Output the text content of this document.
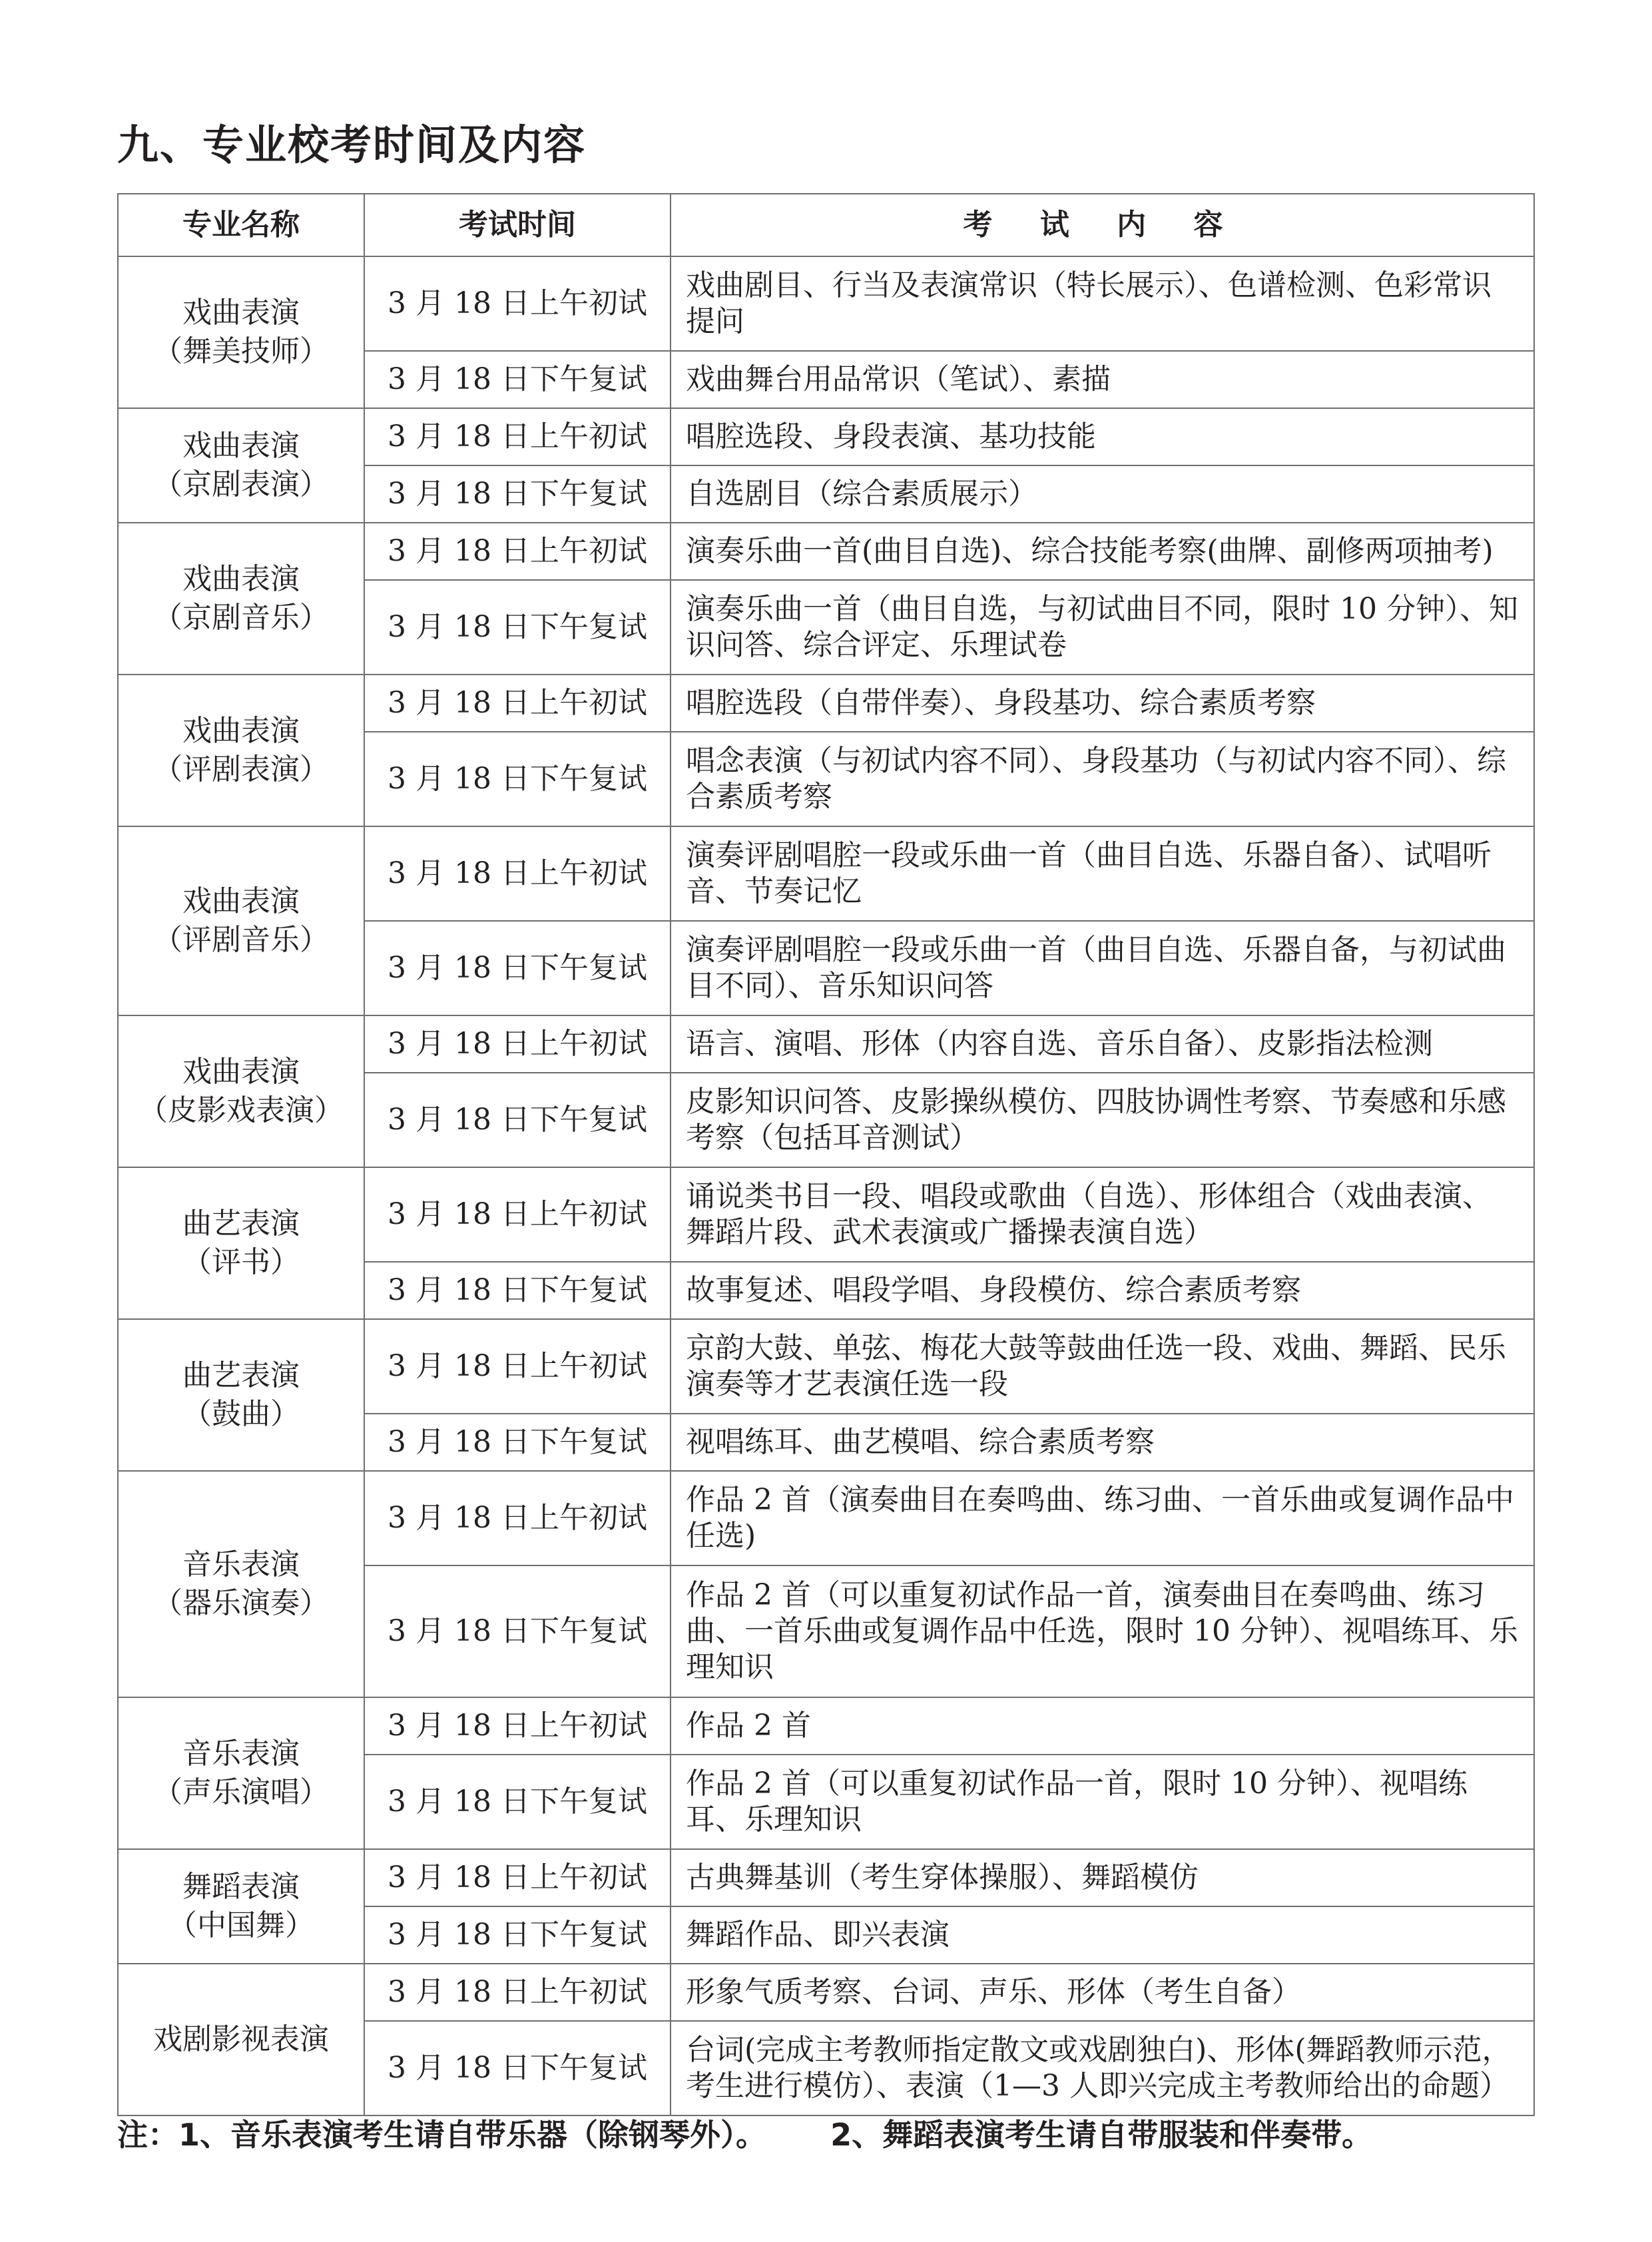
九、专业校考时间及内容
专业名称	考试时间	考 试 内 容

戏曲表演
（舞美技师）	3 月 18 日上午初试	戏曲剧目、行当及表演常识（特长展示）、色谱检测、色彩常识提问
	3 月 18 日下午复试	戏曲舞台用品常识（笔试）、素描

戏曲表演
（京剧表演）	3 月 18 日上午初试	唱腔选段、身段表演、基功技能
	3 月 18 日下午复试	自选剧目（综合素质展示）

戏曲表演
（京剧音乐）	3 月 18 日上午初试	演奏乐曲一首(曲目自选)、综合技能考察(曲牌、副修两项抽考)
	3 月 18 日下午复试	演奏乐曲一首（曲目自选，与初试曲目不同，限时 10 分钟）、知识问答、综合评定、乐理试卷

戏曲表演
（评剧表演）	3 月 18 日上午初试	唱腔选段（自带伴奏）、身段基功、综合素质考察
	3 月 18 日下午复试	唱念表演（与初试内容不同）、身段基功（与初试内容不同）、综合素质考察

戏曲表演
（评剧音乐）	3 月 18 日上午初试	演奏评剧唱腔一段或乐曲一首（曲目自选、乐器自备）、试唱听音、节奏记忆
	3 月 18 日下午复试	演奏评剧唱腔一段或乐曲一首（曲目自选、乐器自备，与初试曲目不同）、音乐知识问答

戏曲表演
（皮影戏表演）	3 月 18 日上午初试	语言、演唱、形体（内容自选、音乐自备）、皮影指法检测
	3 月 18 日下午复试	皮影知识问答、皮影操纵模仿、四肢协调性考察、节奏感和乐感考察（包括耳音测试）

曲艺表演
（评书）	3 月 18 日上午初试	诵说类书目一段、唱段或歌曲（自选）、形体组合（戏曲表演、舞蹈片段、武术表演或广播操表演自选）
	3 月 18 日下午复试	故事复述、唱段学唱、身段模仿、综合素质考察

曲艺表演
（鼓曲）	3 月 18 日上午初试	京韵大鼓、单弦、梅花大鼓等鼓曲任选一段、戏曲、舞蹈、民乐演奏等才艺表演任选一段
	3 月 18 日下午复试	视唱练耳、曲艺模唱、综合素质考察

音乐表演
（器乐演奏）	3 月 18 日上午初试	作品 2 首（演奏曲目在奏鸣曲、练习曲、一首乐曲或复调作品中任选)
	3 月 18 日下午复试	作品 2 首（可以重复初试作品一首，演奏曲目在奏鸣曲、练习曲、一首乐曲或复调作品中任选，限时 10 分钟）、视唱练耳、乐理知识

音乐表演
（声乐演唱）	3 月 18 日上午初试	作品 2 首
	3 月 18 日下午复试	作品 2 首（可以重复初试作品一首，限时 10 分钟）、视唱练耳、乐理知识

舞蹈表演
（中国舞）	3 月 18 日上午初试	古典舞基训（考生穿体操服）、舞蹈模仿
	3 月 18 日下午复试	舞蹈作品、即兴表演

戏剧影视表演	3 月 18 日上午初试	形象气质考察、台词、声乐、形体（考生自备）
	3 月 18 日下午复试	台词(完成主考教师指定散文或戏剧独白)、形体(舞蹈教师示范，考生进行模仿）、表演（1—3 人即兴完成主考教师给出的命题）
注：1、音乐表演考生请自带乐器（除钢琴外）。 2、舞蹈表演考生请自带服装和伴奏带。
